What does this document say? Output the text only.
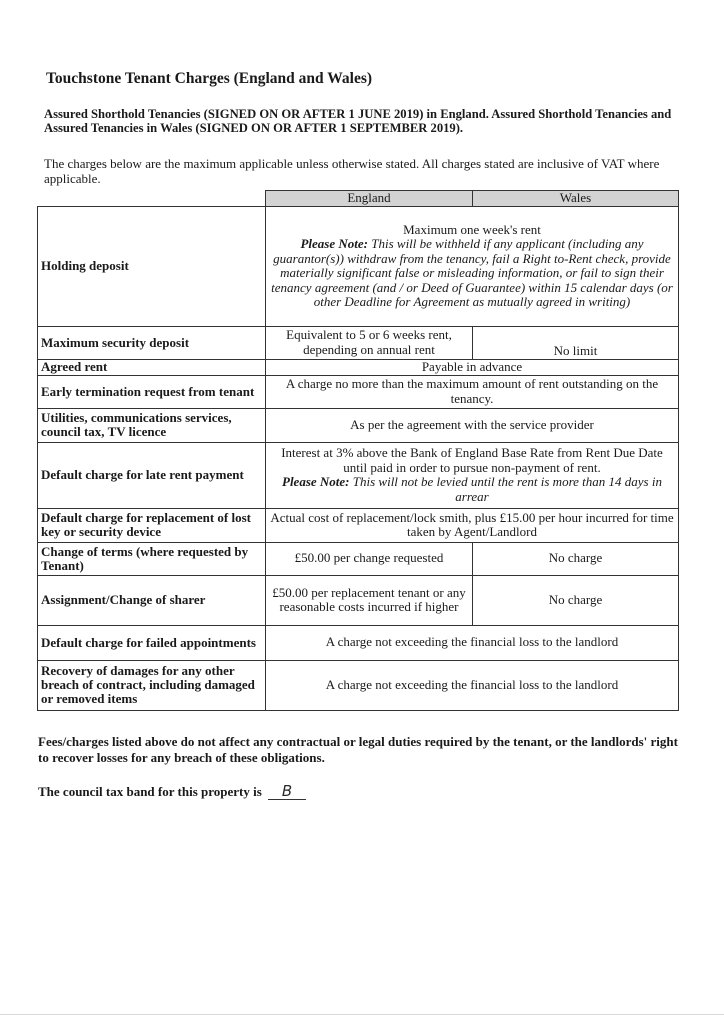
Touchstone Tenant Charges (England and Wales)
Assured Shorthold Tenancies (SIGNED ON OR AFTER 1 JUNE 2019) in England. Assured Shorthold Tenancies and Assured Tenancies in Wales (SIGNED ON OR AFTER 1 SEPTEMBER 2019).
The charges below are the maximum applicable unless otherwise stated. All charges stated are inclusive of VAT where applicable.
	England	Wales
Holding deposit	Maximum one week's rent
Please Note: This will be withheld if any applicant (including any guarantor(s)) withdraw from the tenancy, fail a Right to-Rent check, provide materially significant false or misleading information, or fail to sign their tenancy agreement (and / or Deed of Guarantee) within 15 calendar days (or other Deadline for Agreement as mutually agreed in writing)	

Maximum security deposit	Equivalent to 5 or 6 weeks rent, depending on annual rent	No limit
Agreed rent	Payable in advance	
Early termination request from tenant	A charge no more than the maximum amount of rent outstanding on the tenancy.	
Utilities, communications services, council tax, TV licence	As per the agreement with the service provider	
Default charge for late rent payment	Interest at 3% above the Bank of England Base Rate from Rent Due Date until paid in order to pursue non-payment of rent.
Please Note: This will not be levied until the rent is more than 14 days in arrear	

Default charge for replacement of lost key or security device	Actual cost of replacement/lock smith, plus £15.00 per hour incurred for time taken by Agent/Landlord	
Change of terms (where requested by Tenant)	£50.00 per change requested	No charge
Assignment/Change of sharer	£50.00 per replacement tenant or any reasonable costs incurred if higher	No charge
Default charge for failed appointments	A charge not exceeding the financial loss to the landlord	
Recovery of damages for any other breach of contract, including damaged or removed items	A charge not exceeding the financial loss to the landlord	
Fees/charges listed above do not affect any contractual or legal duties required by the tenant, or the landlords' right to recover losses for any breach of these obligations.
The council tax band for this property is B
